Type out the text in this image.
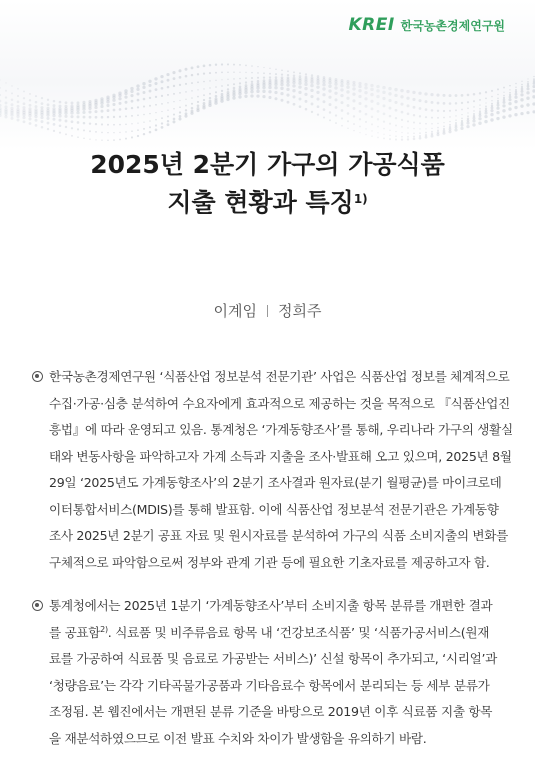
KREI 한국농촌경제연구원
2025년 2분기 가구의 가공식품
지출 현황과 특징$^{1)}$
이계임 정희주
한국농촌경제연구원 ‘식품산업 정보분석 전문기관’ 사업은 식품산업 정보를 체계적으로
수집·가공·심층 분석하여 수요자에게 효과적으로 제공하는 것을 목적으로 『식품산업진
흥법』에 따라 운영되고 있음. 통계청은 ‘가계동향조사’를 통해, 우리나라 가구의 생활실
태와 변동사항을 파악하고자 가계 소득과 지출을 조사·발표해 오고 있으며, 2025년 8월
29일 ‘2025년도 가계동향조사’의 2분기 조사결과 원자료(분기 월평균)를 마이크로데
이터통합서비스(MDIS)를 통해 발표함. 이에 식품산업 정보분석 전문기관은 가계동향
조사 2025년 2분기 공표 자료 및 원시자료를 분석하여 가구의 식품 소비지출의 변화를
구체적으로 파악함으로써 정부와 관계 기관 등에 필요한 기초자료를 제공하고자 함.
통계청에서는 2025년 1분기 ‘가계동향조사’부터 소비지출 항목 분류를 개편한 결과
를 공표함$^{2)}$. 식료품 및 비주류음료 항목 내 ‘건강보조식품’ 및 ‘식품가공서비스(원재
료를 가공하여 식료품 및 음료로 가공받는 서비스)’ 신설 항목이 추가되고, ‘시리얼’과
‘청량음료’는 각각 기타곡물가공품과 기타음료수 항목에서 분리되는 등 세부 분류가
조정됨. 본 웹진에서는 개편된 분류 기준을 바탕으로 2019년 이후 식료품 지출 항목
을 재분석하였으므로 이전 발표 수치와 차이가 발생함을 유의하기 바람.
